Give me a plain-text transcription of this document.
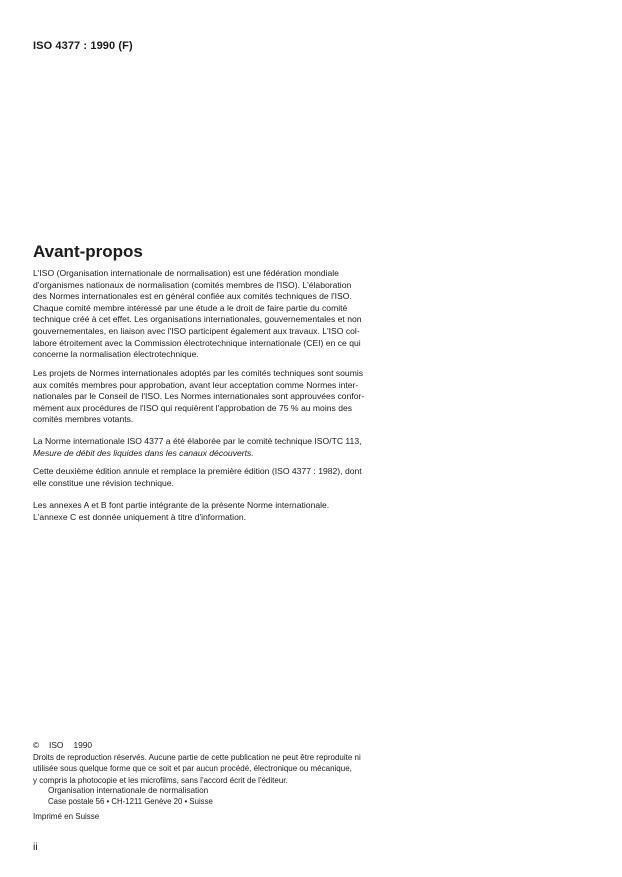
ISO 4377 : 1990 (F)
Avant-propos

L'ISO (Organisation internationale de normalisation) est une fédération mondiale
d'organismes nationaux de normalisation (comités membres de l'ISO). L'élaboration
des Normes internationales est en général confiée aux comités techniques de l'ISO.
Chaque comité membre intéressé par une étude a le droit de faire partie du comité
technique créé à cet effet. Les organisations internationales, gouvernementales et non
gouvernementales, en liaison avec l'ISO participent également aux travaux. L'ISO col-
labore étroitement avec la Commission électrotechnique internationale (CEI) en ce qui
concerne la normalisation électrotechnique.

Les projets de Normes internationales adoptés par les comités techniques sont soumis
aux comités membres pour approbation, avant leur acceptation comme Normes inter-
nationales par le Conseil de l'ISO. Les Normes internationales sont approuvées confor-
mément aux procédures de l'ISO qui requièrent l'approbation de 75 % au moins des
comités membres votants.

La Norme internationale ISO 4377 a été élaborée par le comité technique ISO/TC 113,
Mesure de débit des liquides dans les canaux découverts.

Cette deuxième édition annule et remplace la première édition (ISO 4377 : 1982), dont
elle constitue une révision technique.

Les annexes A et B font partie intégrante de la présente Norme internationale.
L'annexe C est donnée uniquement à titre d'information.

© ISO 1990

Droits de reproduction réservés. Aucune partie de cette publication ne peut être reproduite ni
utilisée sous quelque forme que ce soit et par aucun procédé, électronique ou mécanique,
y compris la photocopie et les microfilms, sans l'accord écrit de l'éditeur.

Organisation internationale de normalisation
Case postale 56 • CH-1211 Genève 20 • Suisse
Imprimé en Suisse
ii
